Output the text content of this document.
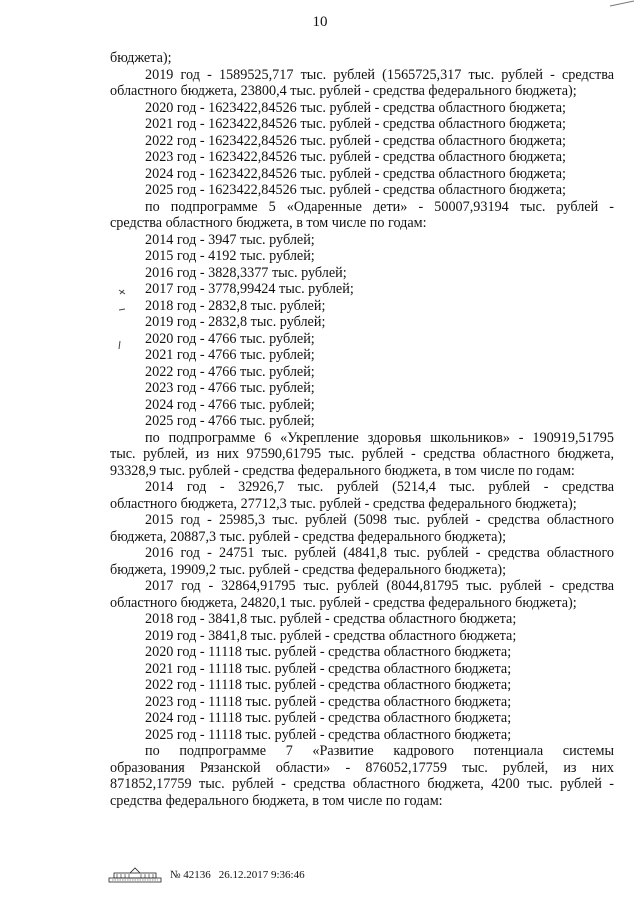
10
бюджета);
2019 год - 1589525,717 тыс. рублей (1565725,317 тыс. рублей - средства
областного бюджета, 23800,4 тыс. рублей - средства федерального бюджета);
2020 год - 1623422,84526 тыс. рублей - средства областного бюджета;
2021 год - 1623422,84526 тыс. рублей - средства областного бюджета;
2022 год - 1623422,84526 тыс. рублей - средства областного бюджета;
2023 год - 1623422,84526 тыс. рублей - средства областного бюджета;
2024 год - 1623422,84526 тыс. рублей - средства областного бюджета;
2025 год - 1623422,84526 тыс. рублей - средства областного бюджета;
по подпрограмме 5 «Одаренные дети» - 50007,93194 тыс. рублей -
средства областного бюджета, в том числе по годам:
2014 год - 3947 тыс. рублей;
2015 год - 4192 тыс. рублей;
2016 год - 3828,3377 тыс. рублей;
2017 год - 3778,99424 тыс. рублей;
2018 год - 2832,8 тыс. рублей;
2019 год - 2832,8 тыс. рублей;
2020 год - 4766 тыс. рублей;
2021 год - 4766 тыс. рублей;
2022 год - 4766 тыс. рублей;
2023 год - 4766 тыс. рублей;
2024 год - 4766 тыс. рублей;
2025 год - 4766 тыс. рублей;
по подпрограмме 6 «Укрепление здоровья школьников» - 190919,51795
тыс. рублей, из них 97590,61795 тыс. рублей - средства областного бюджета,
93328,9 тыс. рублей - средства федерального бюджета, в том числе по годам:
2014 год - 32926,7 тыс. рублей (5214,4 тыс. рублей - средства
областного бюджета, 27712,3 тыс. рублей - средства федерального бюджета);
2015 год - 25985,3 тыс. рублей (5098 тыс. рублей - средства областного
бюджета, 20887,3 тыс. рублей - средства федерального бюджета);
2016 год - 24751 тыс. рублей (4841,8 тыс. рублей - средства областного
бюджета, 19909,2 тыс. рублей - средства федерального бюджета);
2017 год - 32864,91795 тыс. рублей (8044,81795 тыс. рублей - средства
областного бюджета, 24820,1 тыс. рублей - средства федерального бюджета);
2018 год - 3841,8 тыс. рублей - средства областного бюджета;
2019 год - 3841,8 тыс. рублей - средства областного бюджета;
2020 год - 11118 тыс. рублей - средства областного бюджета;
2021 год - 11118 тыс. рублей - средства областного бюджета;
2022 год - 11118 тыс. рублей - средства областного бюджета;
2023 год - 11118 тыс. рублей - средства областного бюджета;
2024 год - 11118 тыс. рублей - средства областного бюджета;
2025 год - 11118 тыс. рублей - средства областного бюджета;
по подпрограмме 7 «Развитие кадрового потенциала системы
образования Рязанской области» - 876052,17759 тыс. рублей, из них
871852,17759 тыс. рублей - средства областного бюджета, 4200 тыс. рублей -
средства федерального бюджета, в том числе по годам:
№ 42136 26.12.2017 9:36:46
